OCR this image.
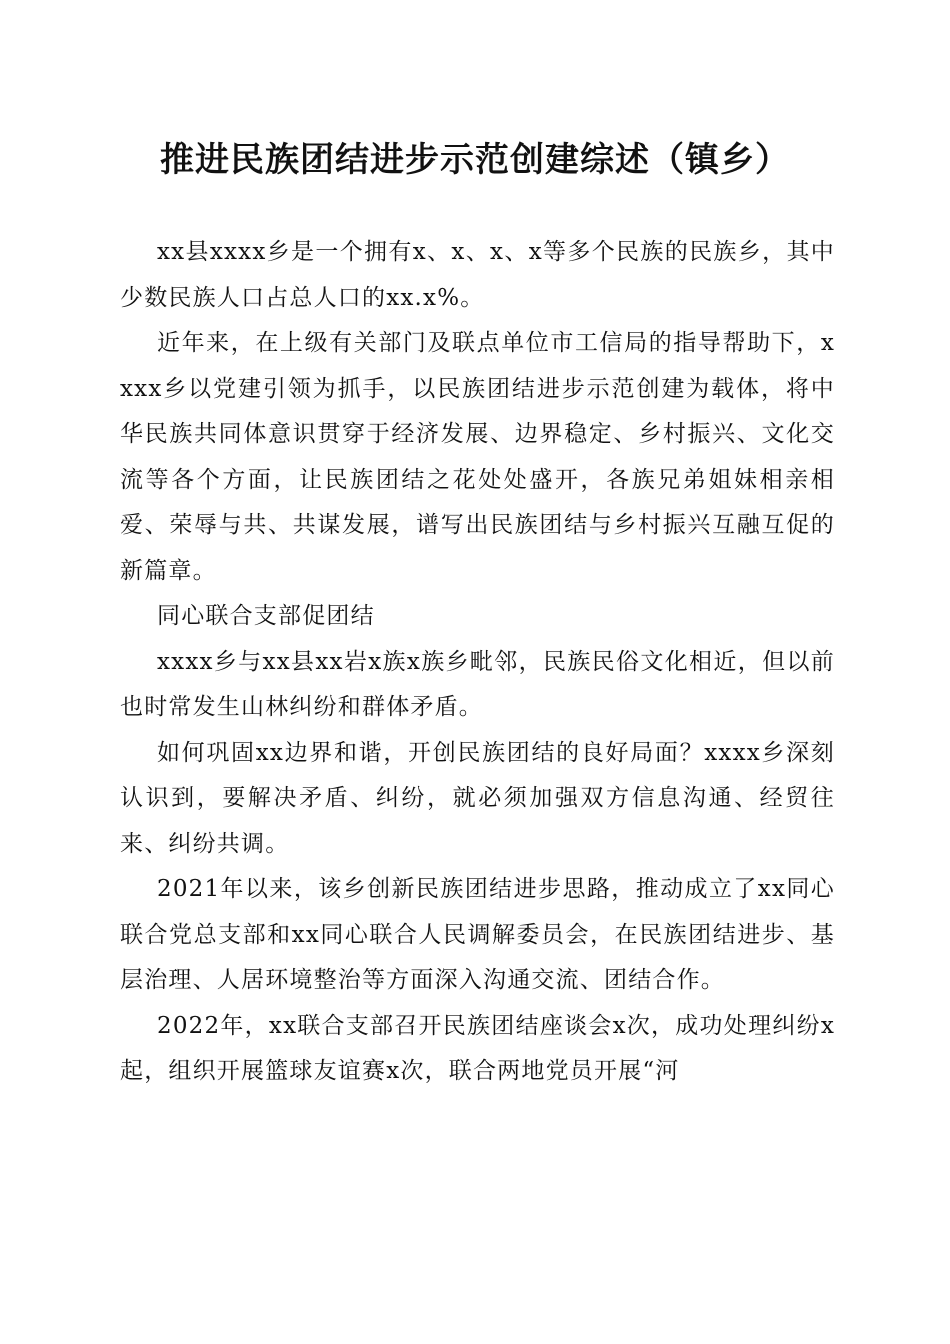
推进民族团结进步示范创建综述（镇乡）

xx县xxxx乡是一个拥有x、x、x、x等多个民族的民族乡，其中少数民族人口占总人口的xx.x%。

近年来，在上级有关部门及联点单位市工信局的指导帮助下，xxxx乡以党建引领为抓手，以民族团结进步示范创建为载体，将中华民族共同体意识贯穿于经济发展、边界稳定、乡村振兴、文化交流等各个方面，让民族团结之花处处盛开，各族兄弟姐妹相亲相爱、荣辱与共、共谋发展，谱写出民族团结与乡村振兴互融互促的新篇章。

同心联合支部促团结

xxxx乡与xx县xx岩x族x族乡毗邻，民族民俗文化相近，但以前也时常发生山林纠纷和群体矛盾。

如何巩固xx边界和谐，开创民族团结的良好局面？xxxx乡深刻认识到，要解决矛盾、纠纷，就必须加强双方信息沟通、经贸往来、纠纷共调。

2021年以来，该乡创新民族团结进步思路，推动成立了xx同心联合党总支部和xx同心联合人民调解委员会，在民族团结进步、基层治理、人居环境整治等方面深入沟通交流、团结合作。

2022年，xx联合支部召开民族团结座谈会x次，成功处理纠纷x起，组织开展篮球友谊赛x次，联合两地党员开展“河
